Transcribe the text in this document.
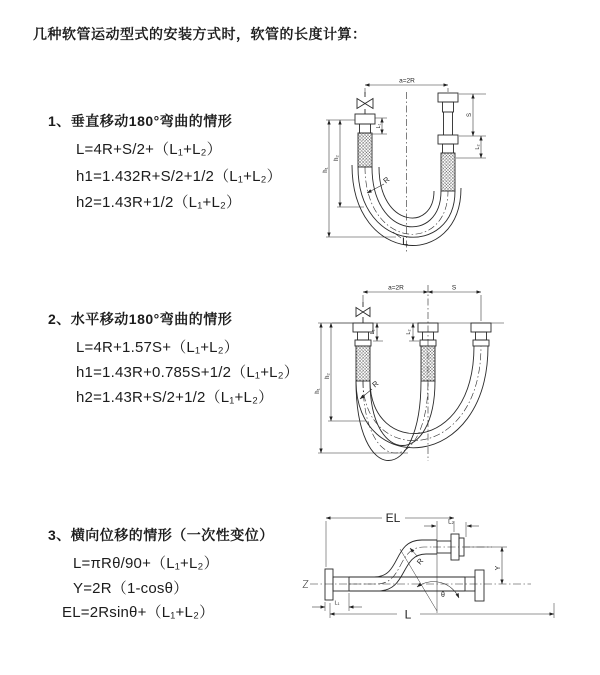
几种软管运动型式的安装方式时，软管的长度计算：
1、垂直移动180°弯曲的情形
L=4R+S/2+（L₁+L₂）
h1=1.432R+S/2+1/2（L₁+L₂）
h2=1.43R+1/2（L₁+L₂）
2、水平移动180°弯曲的情形
L=4R+1.57S+（L₁+L₂）
h1=1.43R+0.785S+1/2（L₁+L₂）
h2=1.43R+S/2+1/2（L₁+L₂）
3、横向位移的情形（一次性变位）
L=πRθ/90+（L₁+L₂）
Y=2R（1-cosθ）
EL=2Rsinθ+（L₁+L₂）
a=2R
L₁
S
L₂
h₁
h₂
R
L
a=2R	S
L₁	L₂
h₁
h₂
R
EL	L₂
Y
R
θ
L
L₁
